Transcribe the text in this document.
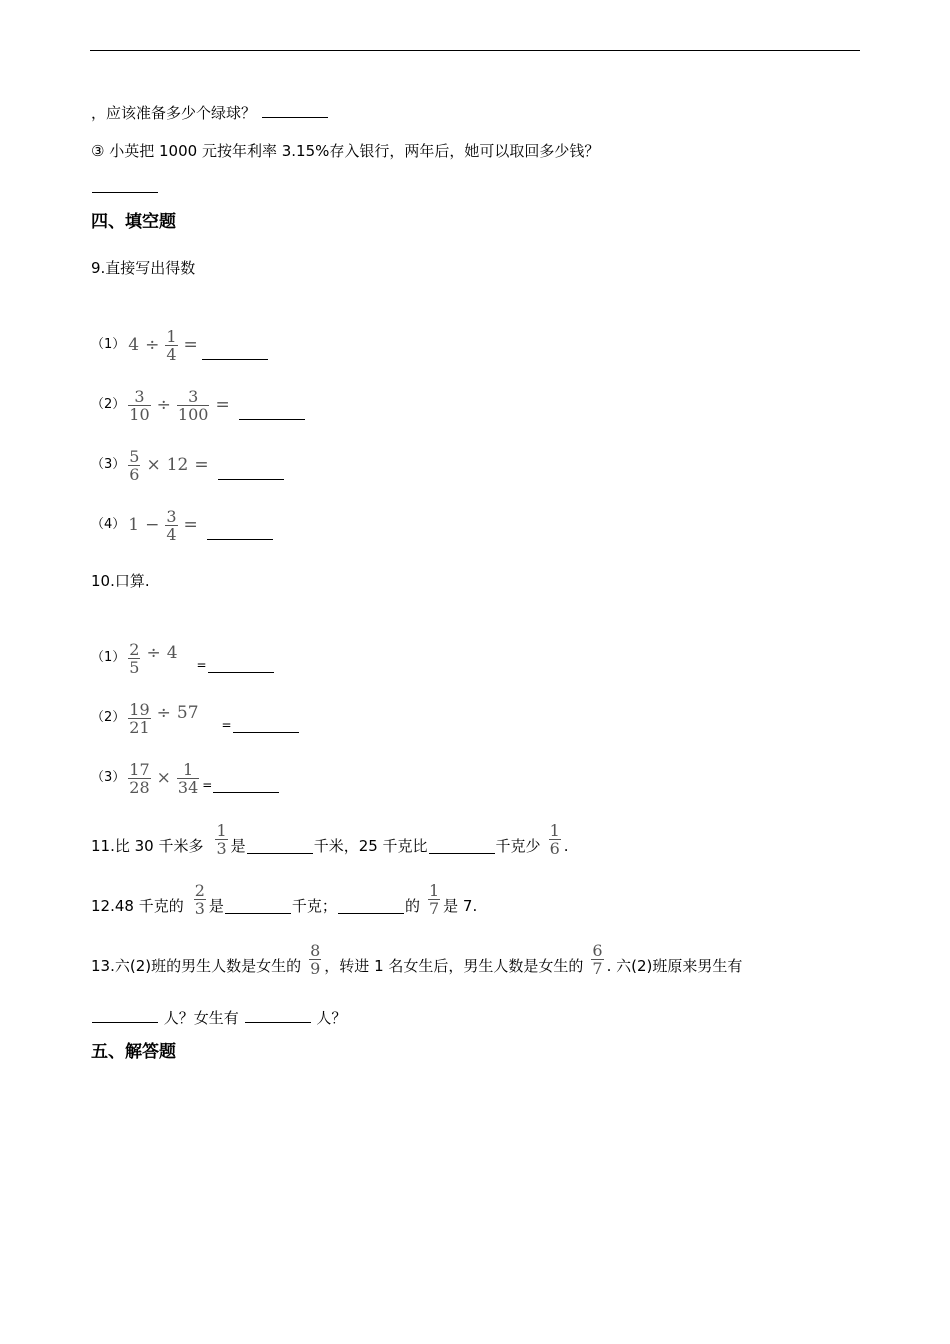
，应该准备多少个绿球？
③ 小英把 1000 元按年利率 3.15%存入银行，两年后，她可以取回多少钱？
四、填空题
9.直接写出得数
（1） $4 \div \frac{1}{4}$ =
$(2) \frac{3}{10} \div \frac{3}{100}$ =
$(3) \frac{5}{6} \times 12$ =
（4） $1 - \frac{3}{4}$ =
10.口算.
$(1) \frac{2}{5} \div 4$
=
$(2) \frac{19}{21} \div 57$
=
$(3) \frac{17}{28} \times \frac{1}{34}$ =
11.比 30 千米多 $\frac{1}{3}$ 是	千米，25 千克比	千克少 $\frac{1}{6}$ .
12.48 千克的 $\frac{2}{3}$ 是	千克；	的 $\frac{1}{7}$ 是 7.
13.六(2)班的男生人数是女生的 $\frac{8}{9}$ ，转进 1 名女生后，男生人数是女生的 $\frac{6}{7}$ . 六(2)班原来男生有
人？女生有	人？
五、解答题
